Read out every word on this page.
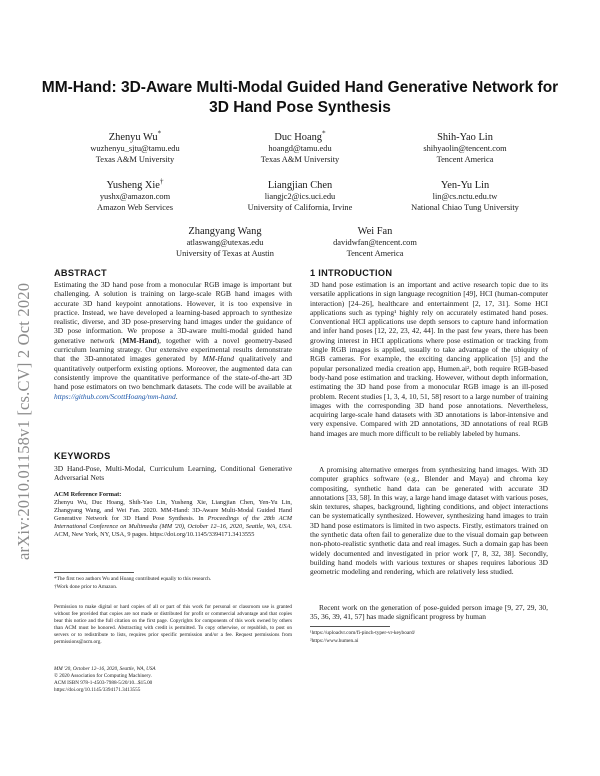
MM-Hand: 3D-Aware Multi-Modal Guided Hand Generative Network for 3D Hand Pose Synthesis
Zhenyu Wu*
wuzhenyu_sjtu@tamu.edu
Texas A&M University
Duc Hoang*
hoangd@tamu.edu
Texas A&M University
Shih-Yao Lin
shihyaolin@tencent.com
Tencent America
Yusheng Xie†
yushx@amazon.com
Amazon Web Services
Liangjian Chen
liangjc2@ics.uci.edu
University of California, Irvine
Yen-Yu Lin
lin@cs.nctu.edu.tw
National Chiao Tung University
Zhangyang Wang
atlaswang@utexas.edu
University of Texas at Austin
Wei Fan
davidwfan@tencent.com
Tencent America
arXiv:2010.01158v1 [cs.CV] 2 Oct 2020
ABSTRACT

Estimating the 3D hand pose from a monocular RGB image is important but challenging. A solution is training on large-scale RGB hand images with accurate 3D hand keypoint annotations. However, it is too expensive in practice. Instead, we have developed a learning-based approach to synthesize realistic, diverse, and 3D pose-preserving hand images under the guidance of 3D pose information. We propose a 3D-aware multi-modal guided hand generative network (MM-Hand), together with a novel geometry-based curriculum learning strategy. Our extensive experimental results demonstrate that the 3D-annotated images generated by MM-Hand qualitatively and quantitatively outperform existing options. Moreover, the augmented data can consistently improve the quantitative performance of the state-of-the-art 3D hand pose estimators on two benchmark datasets. The code will be available at https://github.com/ScottHoang/mm-hand.

KEYWORDS

3D Hand-Pose, Multi-Modal, Curriculum Learning, Conditional Generative Adversarial Nets

ACM Reference Format:
Zhenyu Wu, Duc Hoang, Shih-Yao Lin, Yusheng Xie, Liangjian Chen, Yen-Yu Lin, Zhangyang Wang, and Wei Fan. 2020. MM-Hand: 3D-Aware Multi-Modal Guided Hand Generative Network for 3D Hand Pose Synthesis. In Proceedings of the 28th ACM International Conference on Multimedia (MM '20), October 12–16, 2020, Seattle, WA, USA. ACM, New York, NY, USA, 9 pages. https://doi.org/10.1145/3394171.3413555

*The first two authors Wu and Hoang contributed equally to this research.
†Work done prior to Amazon.

Permission to make digital or hard copies of all or part of this work for personal or classroom use is granted without fee provided that copies are not made or distributed for profit or commercial advantage and that copies bear this notice and the full citation on the first page. Copyrights for components of this work owned by others than ACM must be honored. Abstracting with credit is permitted. To copy otherwise, or republish, to post on servers or to redistribute to lists, requires prior specific permission and/or a fee. Request permissions from permissions@acm.org.

MM '20, October 12–16, 2020, Seattle, WA, USA
© 2020 Association for Computing Machinery.
ACM ISBN 978-1-4503-7988-5/20/10...$15.00
https://doi.org/10.1145/3394171.3413555
1 INTRODUCTION

3D hand pose estimation is an important and active research topic due to its versatile applications in sign language recognition [49], HCI (human-computer interaction) [24–26], healthcare and entertainment [2, 17, 31]. Some HCI applications such as typing¹ highly rely on accurately estimated hand poses. Conventional HCI applications use depth sensors to capture hand information and infer hand poses [12, 22, 23, 42, 44]. In the past few years, there has been growing interest in HCI applications where pose estimation or tracking from single RGB images is applied, usually to take advantage of the ubiquity of RGB cameras. For example, the exciting dancing application [5] and the popular personalized media creation app, Humen.ai², both require RGB-based body-hand pose estimation and tracking. However, without depth information, estimating the 3D hand pose from a monocular RGB image is an ill-posed problem. Recent studies [1, 3, 4, 10, 51, 58] resort to a large number of training images with the corresponding 3D hand pose annotations. Nevertheless, acquiring large-scale hand datasets with 3D annotations is labor-intensive and very expensive. Compared with 2D annotations, 3D annotations of real RGB hand images are much more difficult to be reliably labeled by humans.

A promising alternative emerges from synthesizing hand images. With 3D computer graphics software (e.g., Blender and Maya) and chroma key compositing, synthetic hand data can be generated with accurate 3D annotations [33, 58]. In this way, a large hand image dataset with various poses, skin textures, shapes, background, lighting conditions, and object interactions can be systematically synthesized. However, synthesizing hand images to train 3D hand pose estimators is limited in two aspects. Firstly, estimators trained on the synthetic data often fail to generalize due to the visual domain gap between non-photo-realistic synthetic data and real images. Such a domain gap has been widely documented and investigated in prior work [7, 8, 32, 38]. Secondly, building hand models with various textures or shapes requires laborious 3D geometric modeling and rendering, which are relatively less studied.

Recent work on the generation of pose-guided person image [9, 27, 29, 30, 35, 36, 39, 41, 57] has made significant progress by human

¹https://uploadvr.com/fi-pinch-typer-vr-keyboard/
²https://www.humen.ai
